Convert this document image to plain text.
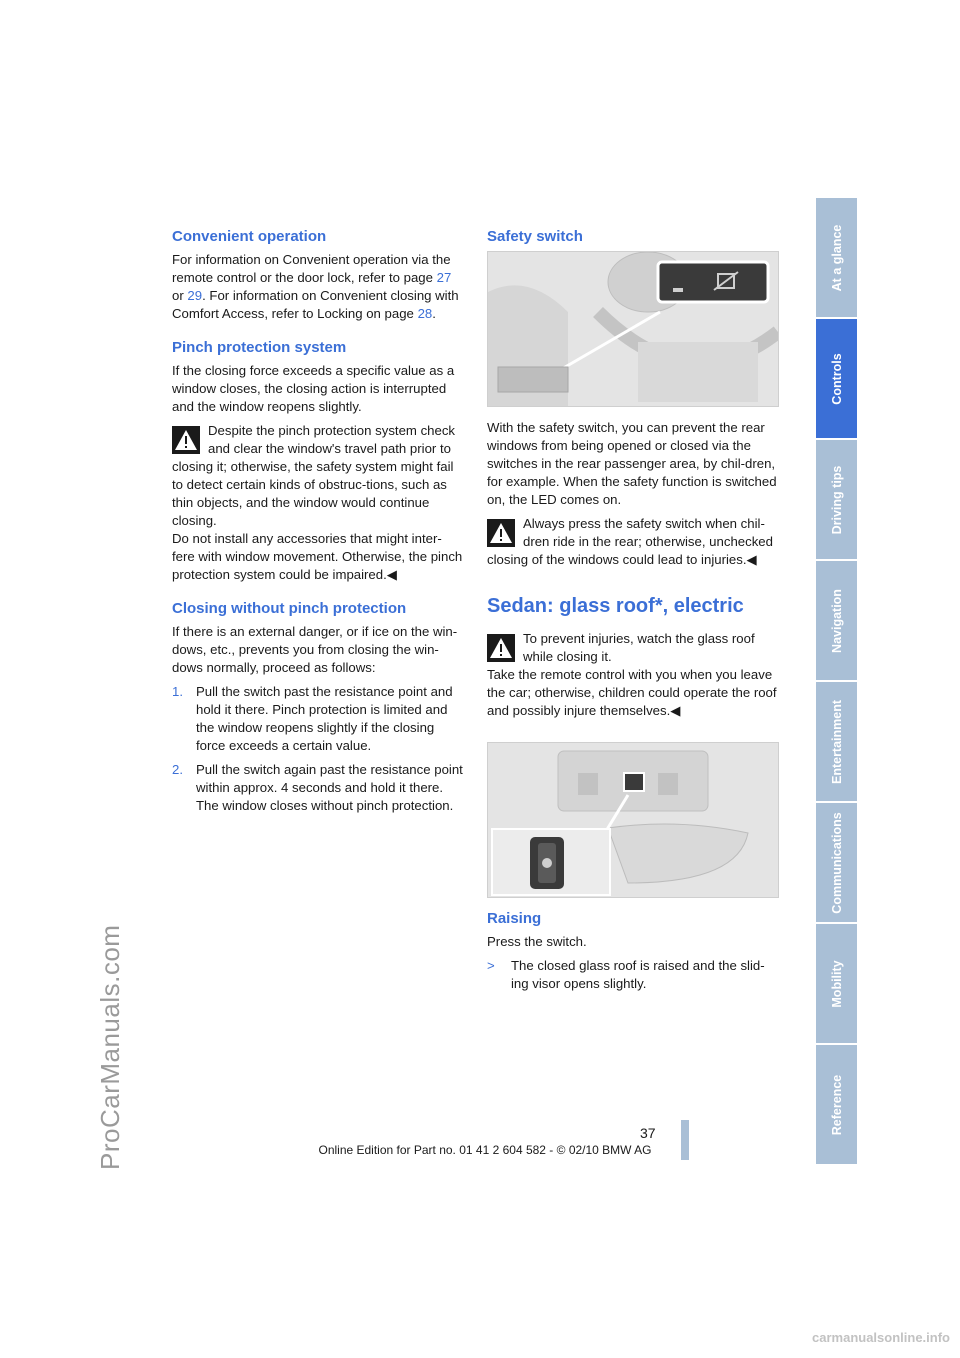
ProCarManuals.com
Convenient operation

For information on Convenient operation via the remote control or the door lock, refer to page 27 or 29. For information on Convenient closing with Comfort Access, refer to Locking on page 28.

Pinch protection system

If the closing force exceeds a specific value as a window closes, the closing action is interrupted and the window reopens slightly.

Despite the pinch protection system check and clear the window's travel path prior to closing it; otherwise, the safety system might fail to detect certain kinds of obstruc-tions, such as thin objects, and the window would continue closing.
Do not install any accessories that might inter-fere with window movement. Otherwise, the pinch protection system could be impaired.◀
Closing without pinch protection

If there is an external danger, or if ice on the win-dows, etc., prevents you from closing the win-dows normally, proceed as follows:

1. Pull the switch past the resistance point and hold it there. Pinch protection is limited and the window reopens slightly if the closing force exceeds a certain value.
2. Pull the switch again past the resistance point within approx. 4 seconds and hold it there. The window closes without pinch protection.
Safety switch

With the safety switch, you can prevent the rear windows from being opened or closed via the switches in the rear passenger area, by chil-dren, for example. When the safety function is switched on, the LED comes on.

Always press the safety switch when chil-dren ride in the rear; otherwise, unchecked closing of the windows could lead to injuries.◀
Sedan: glass roof*, electric
To prevent injuries, watch the glass roof while closing it.
Take the remote control with you when you leave the car; otherwise, children could operate the roof and possibly injure themselves.◀
Raising

Press the switch.

> The closed glass roof is raised and the slid-ing visor opens slightly.
At a glance
Controls
Driving tips
Navigation
Entertainment
Communications
Mobility
Reference
37
Online Edition for Part no. 01 41 2 604 582 - © 02/10 BMW AG
carmanualsonline.info
